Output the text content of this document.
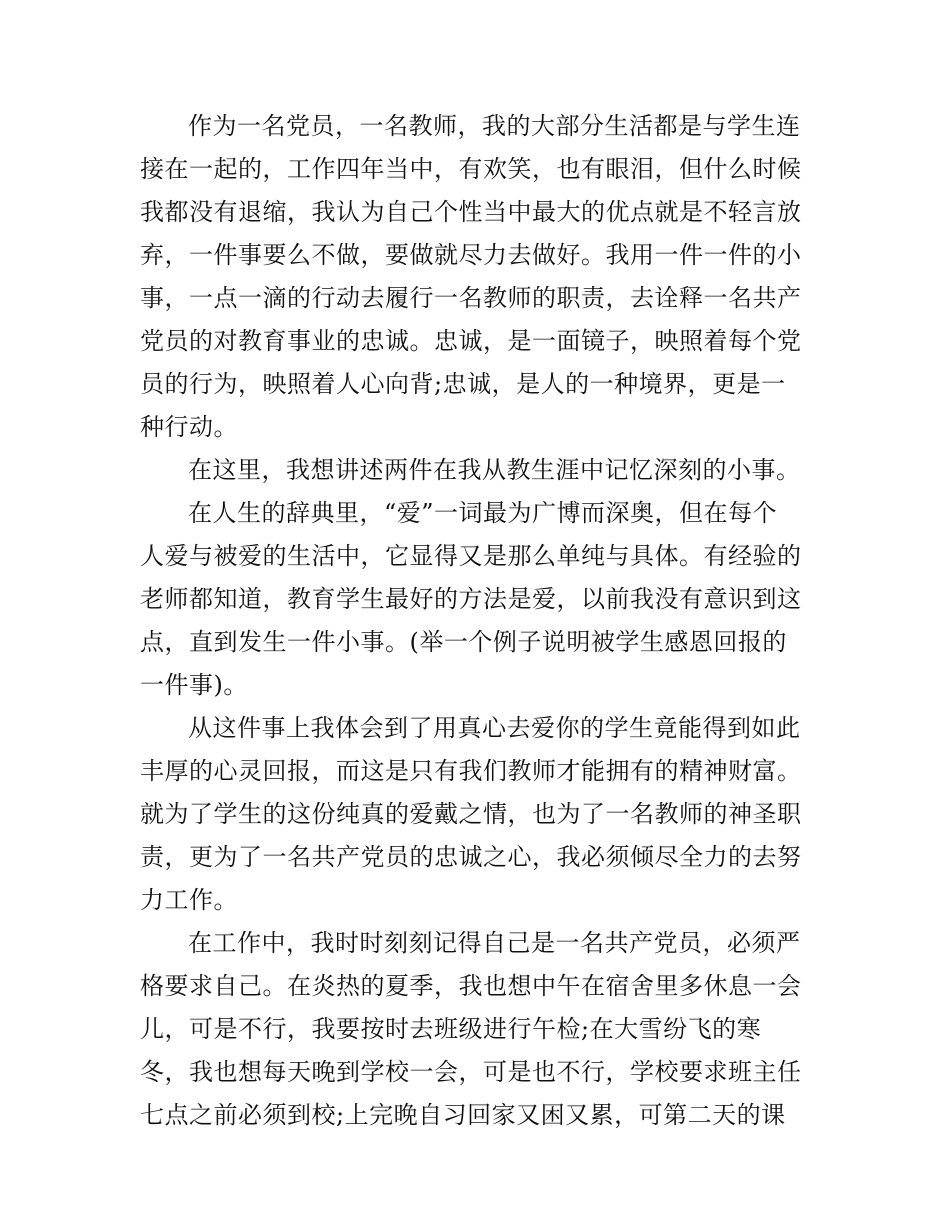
作为一名党员，一名教师，我的大部分生活都是与学生连
接在一起的，工作四年当中，有欢笑，也有眼泪，但什么时候
我都没有退缩，我认为自己个性当中最大的优点就是不轻言放
弃，一件事要么不做，要做就尽力去做好。我用一件一件的小
事，一点一滴的行动去履行一名教师的职责，去诠释一名共产
党员的对教育事业的忠诚。忠诚，是一面镜子，映照着每个党
员的行为，映照着人心向背;忠诚，是人的一种境界，更是一
种行动。
在这里，我想讲述两件在我从教生涯中记忆深刻的小事。
在人生的辞典里，“爱”一词最为广博而深奥，但在每个
人爱与被爱的生活中，它显得又是那么单纯与具体。有经验的
老师都知道，教育学生最好的方法是爱，以前我没有意识到这
点，直到发生一件小事。(举一个例子说明被学生感恩回报的
一件事)。
从这件事上我体会到了用真心去爱你的学生竟能得到如此
丰厚的心灵回报，而这是只有我们教师才能拥有的精神财富。
就为了学生的这份纯真的爱戴之情，也为了一名教师的神圣职
责，更为了一名共产党员的忠诚之心，我必须倾尽全力的去努
力工作。
在工作中，我时时刻刻记得自己是一名共产党员，必须严
格要求自己。在炎热的夏季，我也想中午在宿舍里多休息一会
儿，可是不行，我要按时去班级进行午检;在大雪纷飞的寒
冬，我也想每天晚到学校一会，可是也不行，学校要求班主任
七点之前必须到校;上完晚自习回家又困又累，可第二天的课
